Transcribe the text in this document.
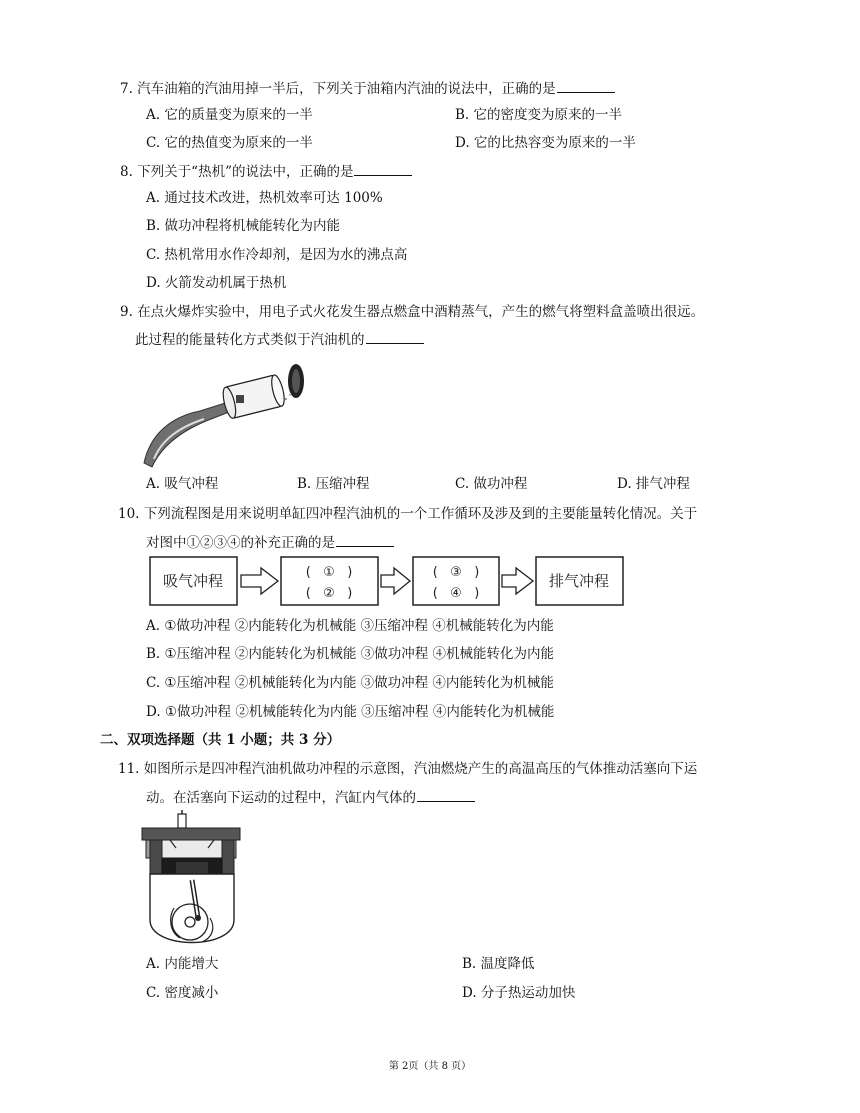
7. 汽车油箱的汽油用掉一半后，下列关于油箱内汽油的说法中，正确的是
A. 它的质量变为原来的一半	B. 它的密度变为原来的一半
C. 它的热值变为原来的一半	D. 它的比热容变为原来的一半
8. 下列关于“热机”的说法中，正确的是
A. 通过技术改进，热机效率可达 100%
B. 做功冲程将机械能转化为内能
C. 热机常用水作冷却剂，是因为水的沸点高
D. 火箭发动机属于热机
9. 在点火爆炸实验中，用电子式火花发生器点燃盒中酒精蒸气，产生的燃气将塑料盒盖喷出很远。
此过程的能量转化方式类似于汽油机的
A. 吸气冲程	B. 压缩冲程	C. 做功冲程	D. 排气冲程
10. 下列流程图是用来说明单缸四冲程汽油机的一个工作循环及涉及到的主要能量转化情况。关于
对图中①②③④的补充正确的是
吸气冲程	(   ①   )
(   ②   )
(   ③   )
(   ④   )
排气冲程
A. ①做功冲程 ②内能转化为机械能 ③压缩冲程 ④机械能转化为内能
B. ①压缩冲程 ②内能转化为机械能 ③做功冲程 ④机械能转化为内能
C. ①压缩冲程 ②机械能转化为内能 ③做功冲程 ④内能转化为机械能
D. ①做功冲程 ②机械能转化为内能 ③压缩冲程 ④内能转化为机械能
二、双项选择题（共 1 小题；共 3 分）
11. 如图所示是四冲程汽油机做功冲程的示意图，汽油燃烧产生的高温高压的气体推动活塞向下运
动。在活塞向下运动的过程中，汽缸内气体的
A. 内能增大	B. 温度降低
C. 密度减小	D. 分子热运动加快
第 2页（共 8 页）
